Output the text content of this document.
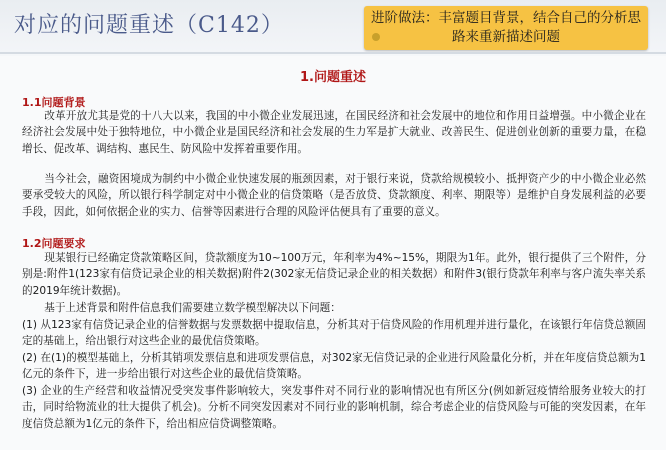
对应的问题重述（C142）	进阶做法：丰富题目背景，结合自己的分析思路来重新描述问题
1.问题重述
1.1问题背景
改革开放尤其是党的十八大以来，我国的中小微企业发展迅速，在国民经济和社会发展中的地位和作用日益增强。中小微企业在经济社会发展中处于独特地位，中小微企业是国民经济和社会发展的生力军是扩大就业、改善民生、促进创业创新的重要力量，在稳增长、促改革、调结构、惠民生、防风险中发挥着重要作用。
当今社会，融资困境成为制约中小微企业快速发展的瓶颈因素，对于银行来说，贷款给规模较小、抵押资产少的中小微企业必然要承受较大的风险，所以银行科学制定对中小微企业的信贷策略（是否放贷、贷款额度、利率、期限等）是维护自身发展利益的必要手段，因此，如何依据企业的实力、信誉等因素进行合理的风险评估便具有了重要的意义。
1.2问题要求
现某银行已经确定贷款策略区间，贷款额度为10~100万元，年利率为4%~15%，期限为1年。此外，银行提供了三个附件，分别是:附件1(123家有信贷记录企业的相关数据)附件2(302家无信贷记录企业的相关数据）和附件3(银行贷款年利率与客户流失率关系的2019年统计数据)。
基于上述背景和附件信息我们需要建立数学模型解决以下问题：
(1) 从123家有信贷记录企业的信誉数据与发票数据中提取信息，分析其对于信贷风险的作用机理并进行量化，在该银行年信贷总额固定的基础上，给出银行对这些企业的最优信贷策略。
(2) 在(1)的模型基础上，分析其销项发票信息和进项发票信息，对302家无信贷记录的企业进行风险量化分析，并在年度信贷总额为1亿元的条件下，进一步给出银行对这些企业的最优信贷策略。
(3) 企业的生产经营和收益情况受突发事件影响较大，突发事件对不同行业的影响情况也有所区分(例如新冠疫情给服务业较大的打击，同时给物流业的壮大提供了机会)。分析不同突发因素对不同行业的影响机制，综合考虑企业的信贷风险与可能的突发因素，在年度信贷总额为1亿元的条件下，给出相应信贷调整策略。
